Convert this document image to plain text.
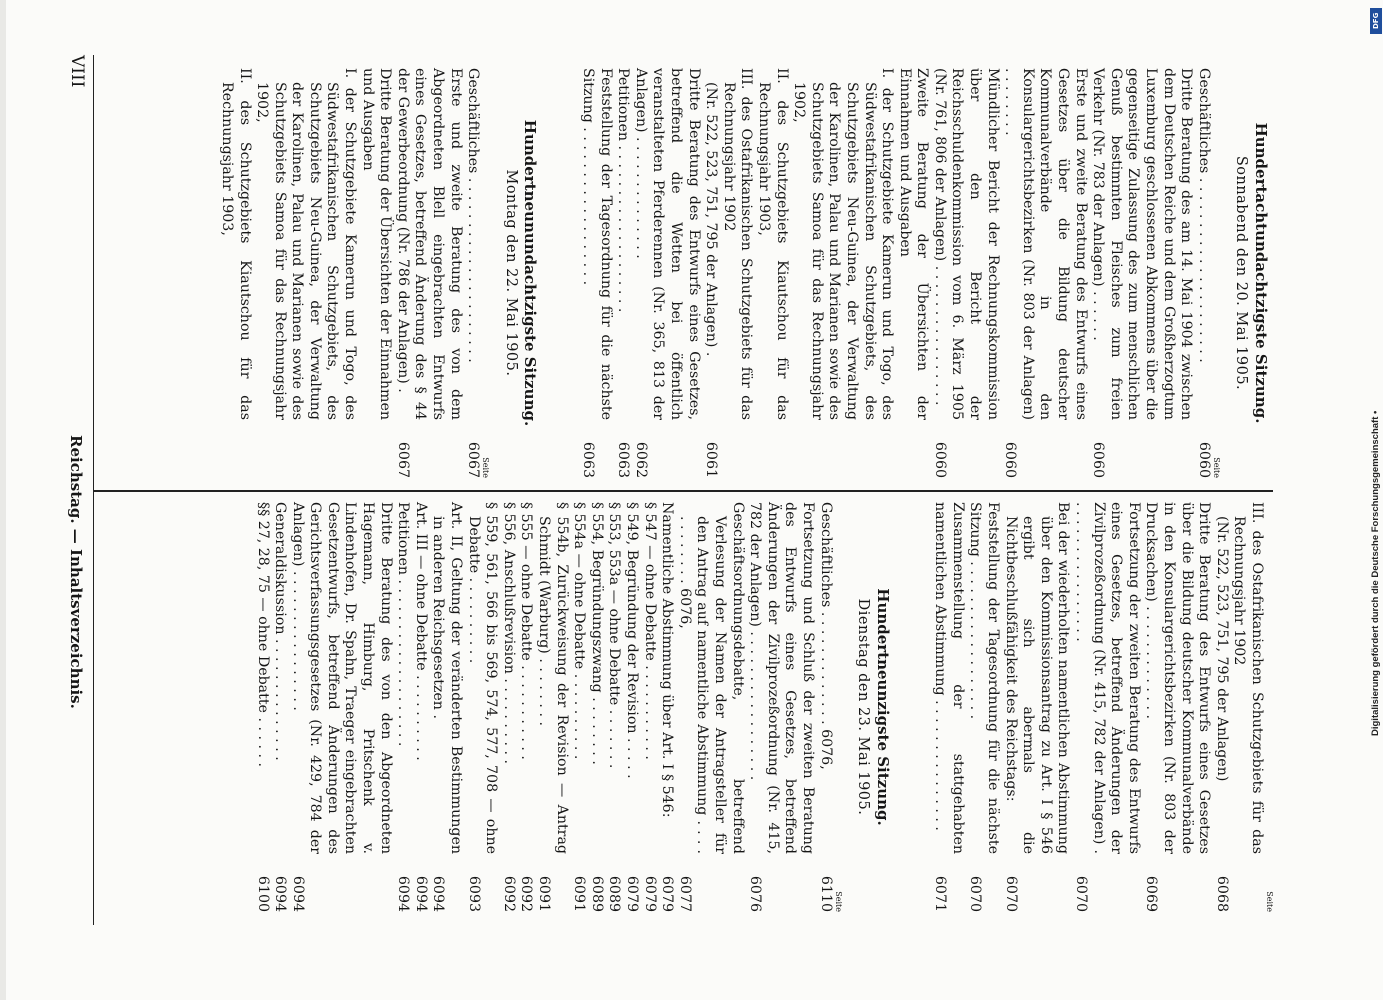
VIII
Reichstag. — Inhaltsverzeichnis.
Hundertachtundachtzigste Sitzung.
Sonnabend den 20. Mai 1905.
Seite
Geschäftliches . . . . . . . . . . . . . . . . . . . . .
6060
Dritte Beratung des am 14. Mai 1904 zwischen dem Deutschen Reiche und dem Großherzogtum Luxemburg geschlossenen Abkommens über die gegenseitige Zulassung des zum menschlichen Genuß bestimmten Fleisches zum freien Verkehr (Nr. 783 der Anlagen) . . . . . .
6060
Erste und zweite Beratung des Entwurfs eines Gesetzes über die Bildung deutscher Kommunalverbände in den Konsulargerichtsbezirken (Nr. 803 der Anlagen) . . . . . . . .
6060
Mündlicher Bericht der Rechnungskommission über den Bericht der Reichsschuldenkommission vom 6. März 1905 (Nr. 761, 806 der Anlagen) . . . . . . . . . . . . . . . .
6060
Zweite Beratung der Übersichten der Einnahmen und Ausgaben
I. der Schutzgebiete Kamerun und Togo, des Südwestafrikanischen Schutzgebiets, des Schutzgebiets Neu-Guinea, der Verwaltung der Karolinen, Palau und Marianen sowie des Schutzgebiets Samoa für das Rechnungsjahr 1902,
II. des Schutzgebiets Kiautschou für das Rechnungsjahr 1903,
III. des Ostafrikanischen Schutzgebiets für das Rechnungsjahr 1902
(Nr. 522, 523, 751, 795 der Anlagen) .
6061
Dritte Beratung des Entwurfs eines Gesetzes, betreffend die Wetten bei öffentlich veranstalteten Pferderennen (Nr. 365, 813 der Anlagen) . . . . . . . . . . . . . .
6062
Petitionen . . . . . . . . . . . . . . . . . . .
6063
Feststellung der Tagesordnung für die nächste Sitzung . . . . . . . . . . . . . . . . . .
6063
Hundertneunundachtzigste Sitzung.
Montag den 22. Mai 1905.
Seite
Geschäftliches . . . . . . . . . . . . . . . . . . . . .
6067
Erste und zweite Beratung des von dem Abgeordneten Blell eingebrachten Entwurfs eines Gesetzes, betreffend Änderung des § 44 der Gewerbeordnung (Nr. 786 der Anlagen) .
6067
Dritte Beratung der Übersichten der Einnahmen und Ausgaben
I. der Schutzgebiete Kamerun und Togo, des Südwestafrikanischen Schutzgebiets, des Schutzgebiets Neu-Guinea, der Verwaltung der Karolinen, Palau und Marianen sowie des Schutzgebiets Samoa für das Rechnungsjahr 1902,
II. des Schutzgebiets Kiautschou für das Rechnungsjahr 1903,
Seite
III. des Ostafrikanischen Schutzgebiets für das Rechnungsjahr 1902
(Nr. 522, 523, 751, 795 der Anlagen)
6068
Dritte Beratung des Entwurfs eines Gesetzes über die Bildung deutscher Kommunalverbände in den Konsulargerichtsbezirken (Nr. 803 der Drucksachen) . . . . . . . . . . . . .
6069
Fortsetzung der zweiten Beratung des Entwurfs eines Gesetzes, betreffend Änderungen der Zivilprozeßordnung (Nr. 415, 782 der Anlagen) . . . . . . . . . . . . . . . . .
6070
Bei der wiederholten namentlichen Abstimmung über den Kommissionsantrag zu Art. I § 546 ergibt sich abermals die Nichtbeschlußfähigkeit des Reichstags:
6070
Feststellung der Tagesordnung für die nächste Sitzung . . . . . . . . . . . . . . . . . .
6070
Zusammenstellung der stattgehabten namentlichen Abstimmung . . . . . . . . . . . . . . .
6071
Hundertneunzigste Sitzung.
Dienstag den 23. Mai 1905.
Seite
Geschäftliches . . . . . . . . . . . . . 6076,
6110
Fortsetzung und Schluß der zweiten Beratung des Entwurfs eines Gesetzes, betreffend Änderungen der Zivilprozeßordnung (Nr. 415, 782 der Anlagen) . . . . . . . . . . . . . . . . .
6076
Geschäftsordnungsdebatte, betreffend Verlesung der Namen der Antragsteller für den Antrag auf namentliche Abstimmung . . . . . . . . . . . . 6076,
6077
Namentliche Abstimmung über Art. I § 546:
6079
§ 547 — ohne Debatte . . . . . . . . . . .
6079
§ 549, Begründung der Revision . . . . .
6079
§ 553, 553a — ohne Debatte . . . . . . .
6089
§ 554, Begründungszwang . . . . . . . .
6089
§ 554a — ohne Debatte . . . . . . . . . .
6091
§ 554b, Zurückweisung der Revision — Antrag Schmidt (Warburg) . . . . . . . .
6091
§ 555 — ohne Debatte . . . . . . . . . . .
6092
§ 556, Anschlußrevision . . . . . . . . . .
6092
§ 559, 561, 566 bis 569, 574, 577, 708 — ohne Debatte . . . . . . . . . .
6093
Art. II, Geltung der veränderten Bestimmungen in anderen Reichsgesetzen .
6094
Art. III — ohne Debatte . . . . . . . . . .
6094
Petitionen . . . . . . . . . . . . . . . . . . .
6094
Dritte Beratung des von den Abgeordneten Hagemann, Himburg, Pritschenk v. Lindenhofen, Dr. Spahn, Traeger eingebrachten Gesetzentwurfs, betreffend Änderungen des Gerichtsverfassungsgesetzes (Nr. 429, 784 der Anlagen) . . . . . . . . . . . . . . . .
6094
Generaldiskussion . . . . . . . . . . . . . .
6094
§§ 27, 28, 75 — ohne Debatte . . . . . .
6100
DFG
Digitalisierung gefördert durch die Deutsche Forschungsgemeinschaft •
